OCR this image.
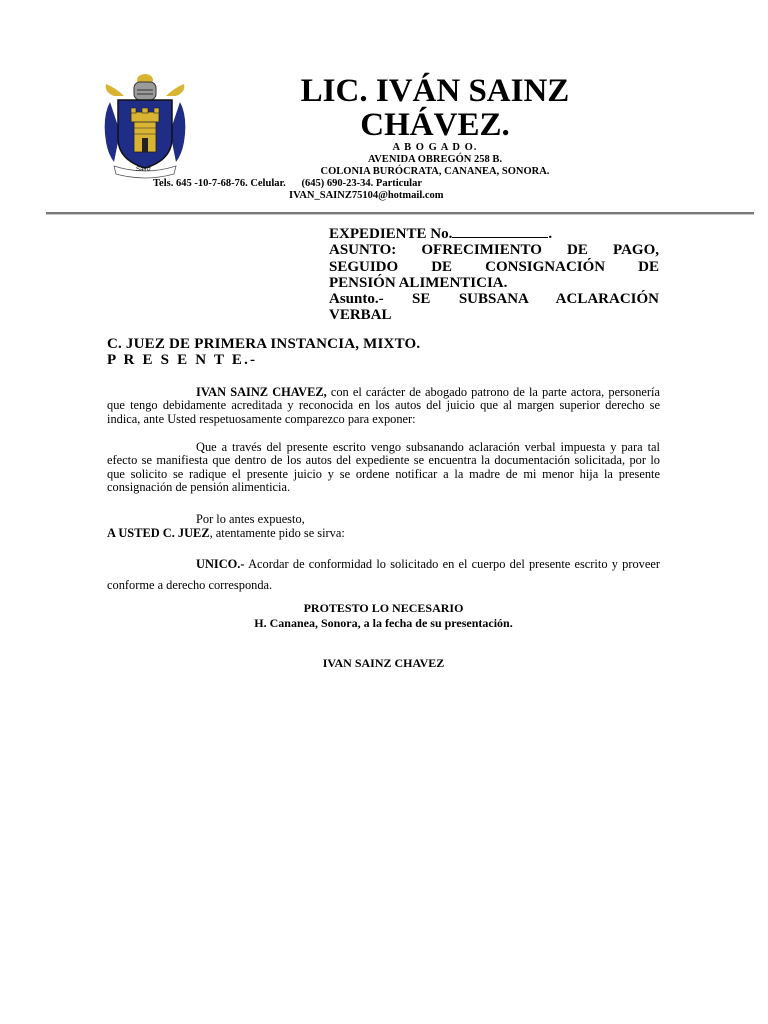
Sainz
LIC. IVÁN SAINZ
CHÁVEZ.
A B O G A D O.
AVENIDA OBREGÓN 258 B.
COLONIA BURÓCRATA, CANANEA, SONORA.
Tels. 645 -10-7-68-76. Celular.      (645) 690-23-34. Particular
IVAN_SAINZ75104@hotmail.com
EXPEDIENTE No.	.
ASUNTO: OFRECIMIENTO DE PAGO,
SEGUIDO DE CONSIGNACIÓN DE
PENSIÓN ALIMENTICIA.
Asunto.- SE SUBSANA ACLARACIÓN
VERBAL
C. JUEZ DE PRIMERA INSTANCIA, MIXTO.
P R E S E N T E.-

IVAN SAINZ CHAVEZ, con el carácter de abogado patrono de la parte actora, personería que tengo debidamente acreditada y reconocida en los autos del juicio que al margen superior derecho se indica, ante Usted respetuosamente comparezco para exponer:

Que a través del presente escrito vengo subsanando aclaración verbal impuesta y para tal efecto se manifiesta que dentro de los autos del expediente se encuentra la documentación solicitada, por lo que solicito se radique el presente juicio y se ordene notificar a la madre de mi menor hija la presente consignación de pensión alimenticia.

Por lo antes expuesto,

A USTED C. JUEZ, atentamente pido se sirva:

UNICO.- Acordar de conformidad lo solicitado en el cuerpo del presente escrito y proveer conforme a derecho corresponda.

PROTESTO LO NECESARIO
H. Cananea, Sonora, a la fecha de su presentación.
IVAN SAINZ CHAVEZ
